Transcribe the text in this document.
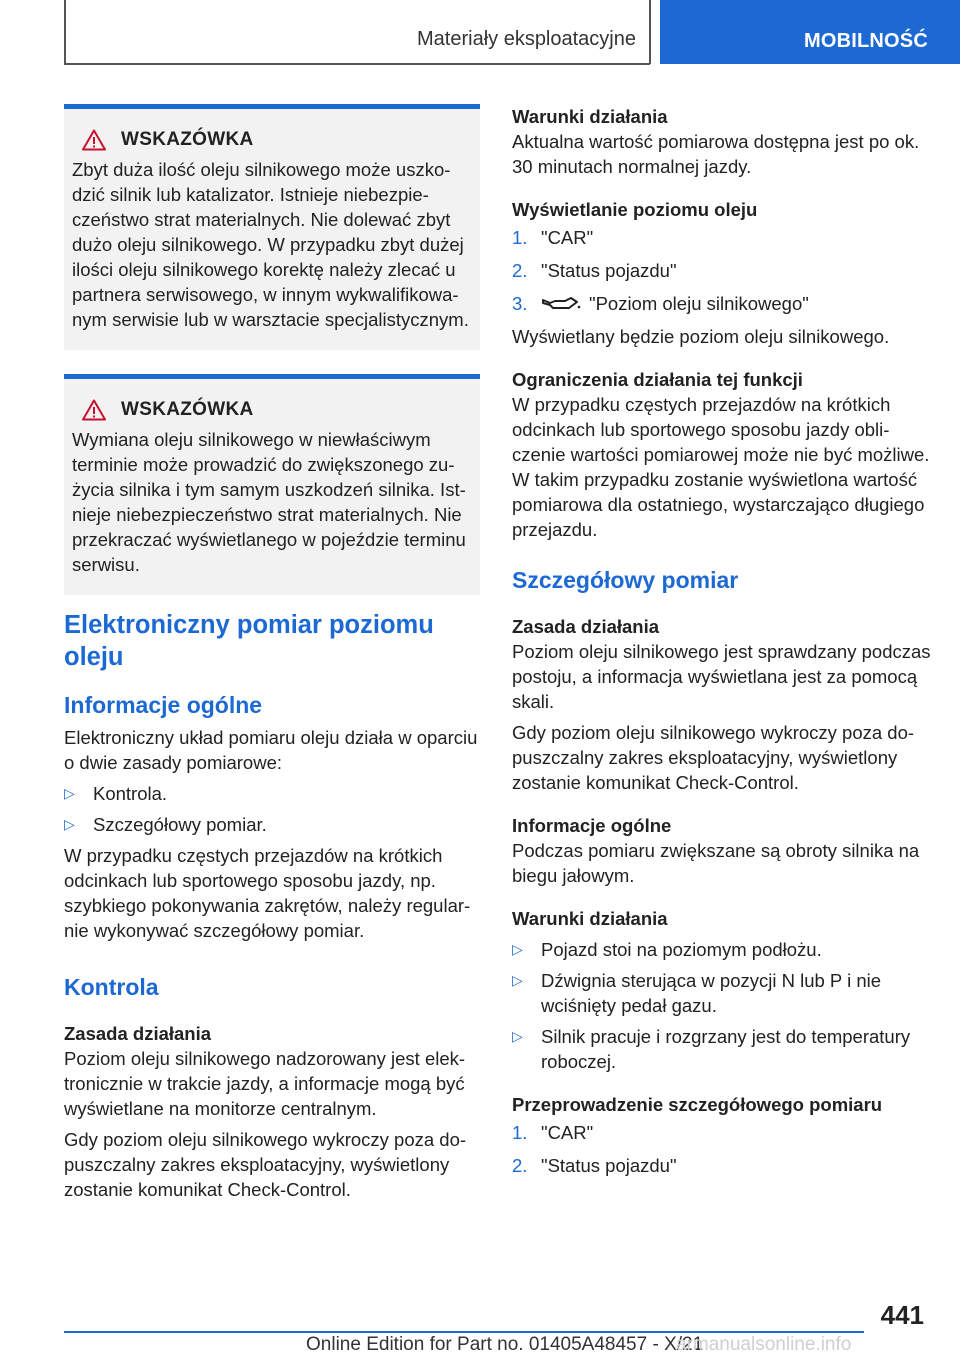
Materiały eksploatacyjne	MOBILNOŚĆ
WSKAZÓWKA
Zbyt duża ilość oleju silnikowego może uszkodzić silnik lub katalizator. Istnieje niebezpieczeństwo strat materialnych. Nie dolewać zbyt dużo oleju silnikowego. W przypadku zbyt dużej ilości oleju silnikowego korektę należy zlecać u partnera serwisowego, w innym wykwalifikowanym serwisie lub w warsztacie specjalistycznym.
WSKAZÓWKA
Wymiana oleju silnikowego w niewłaściwym terminie może prowadzić do zwiększonego zużycia silnika i tym samym uszkodzeń silnika. Istnieje niebezpieczeństwo strat materialnych. Nie przekraczać wyświetlanego w pojeździe terminu serwisu.
Elektroniczny pomiar poziomu oleju
Informacje ogólne

Elektroniczny układ pomiaru oleju działa w oparciu o dwie zasady pomiarowe:

▷ Kontrola.
▷ Szczegółowy pomiar.

W przypadku częstych przejazdów na krótkich odcinkach lub sportowego sposobu jazdy, np. szybkiego pokonywania zakrętów, należy regularnie wykonywać szczegółowy pomiar.

Kontrola
Zasada działania

Poziom oleju silnikowego nadzorowany jest elektronicznie w trakcie jazdy, a informacje mogą być wyświetlane na monitorze centralnym.

Gdy poziom oleju silnikowego wykroczy poza dopuszczalny zakres eksploatacyjny, wyświetlony zostanie komunikat Check-Control.

Warunki działania

Aktualna wartość pomiarowa dostępna jest po ok. 30 minutach normalnej jazdy.

Wyświetlanie poziomu oleju
1. "CAR"
2. "Status pojazdu"
3.	"Poziom oleju silnikowego"

Wyświetlany będzie poziom oleju silnikowego.

Ograniczenia działania tej funkcji

W przypadku częstych przejazdów na krótkich odcinkach lub sportowego sposobu jazdy obliczenie wartości pomiarowej może nie być możliwe. W takim przypadku zostanie wyświetlona wartość pomiarowa dla ostatniego, wystarczająco długiego przejazdu.

Szczegółowy pomiar
Zasada działania

Poziom oleju silnikowego jest sprawdzany podczas postoju, a informacja wyświetlana jest za pomocą skali.

Gdy poziom oleju silnikowego wykroczy poza dopuszczalny zakres eksploatacyjny, wyświetlony zostanie komunikat Check-Control.

Informacje ogólne

Podczas pomiaru zwiększane są obroty silnika na biegu jałowym.

Warunki działania
▷ Pojazd stoi na poziomym podłożu.
▷ Dźwignia sterująca w pozycji N lub P i nie wciśnięty pedał gazu.
▷ Silnik pracuje i rozgrzany jest do temperatury roboczej.
Przeprowadzenie szczegółowego pomiaru
1. "CAR"
2. "Status pojazdu"
441
Online Edition for Part no. 01405A48457 - X/21
armanualsonline.info
